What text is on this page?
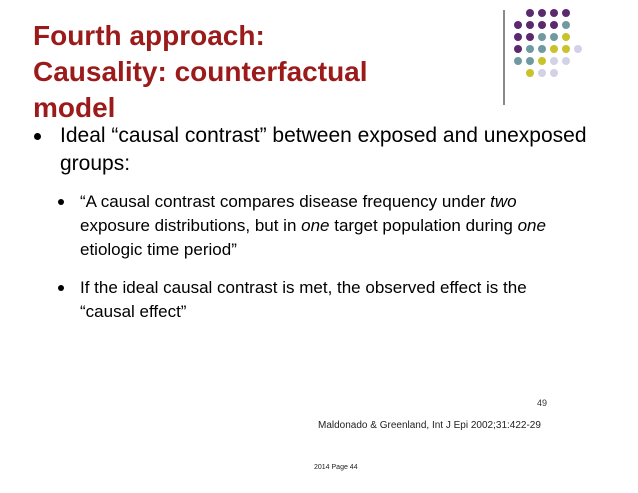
Fourth approach:
Causality: counterfactual
model
Ideal “causal contrast” between exposed and unexposed groups:
“A causal contrast compares disease frequency under two exposure distributions, but in one target population during one etiologic time period”
If the ideal causal contrast is met, the observed effect is the “causal effect”
49
Maldonado & Greenland, Int J Epi 2002;31:422-29
2014 Page 44
